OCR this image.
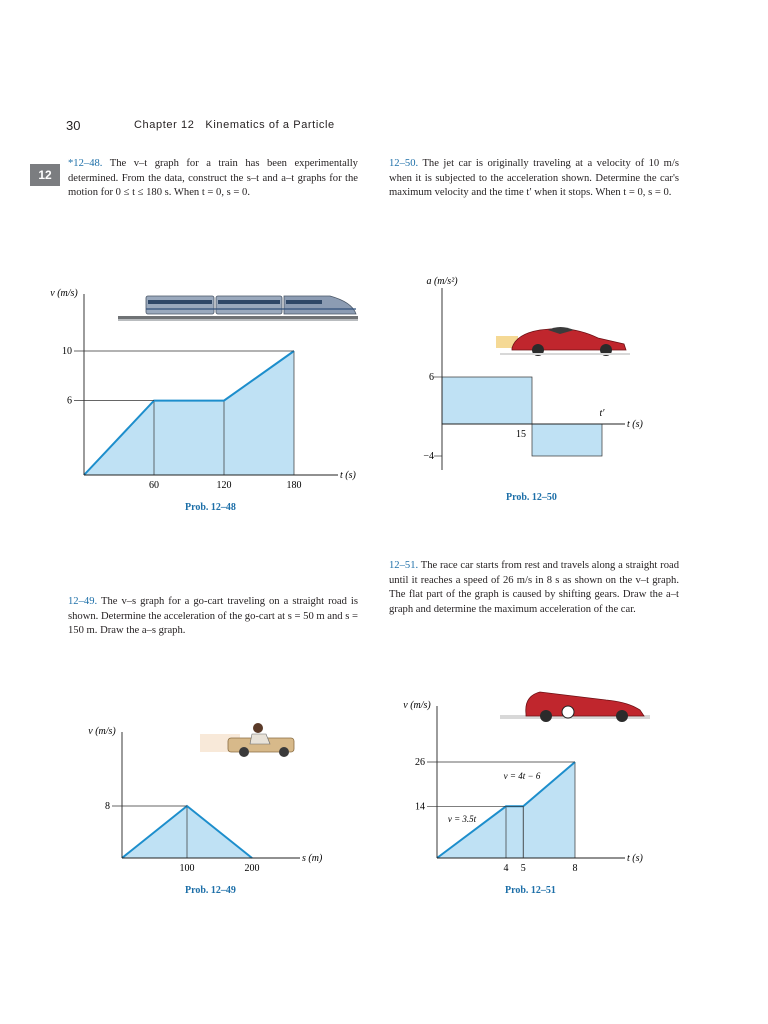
30	Chapter 12 Kinematics of a Particle
12
*12–48. The v–t graph for a train has been experimentally determined. From the data, construct the s–t and a–t graphs for the motion for 0 ≤ t ≤ 180 s. When t = 0, s = 0.
12–50. The jet car is originally traveling at a velocity of 10 m/s when it is subjected to the acceleration shown. Determine the car's maximum velocity and the time t′ when it stops. When t = 0, s = 0.
12–49. The v–s graph for a go-cart traveling on a straight road is shown. Determine the acceleration of the go-cart at s = 50 m and s = 150 m. Draw the a–s graph.
12–51. The race car starts from rest and travels along a straight road until it reaches a speed of 26 m/s in 8 s as shown on the v–t graph. The flat part of the graph is caused by shifting gears. Draw the a–t graph and determine the maximum acceleration of the car.
Prob. 12–48
Prob. 12–50
Prob. 12–49	Prob. 12–51
6
10
60	120	180
v (m/s)
t (s)
6
−4
15
t′
a (m/s²)
t (s)
8
100	200
v (m/s)
s (m)
14
26
4 5	8
v (m/s)
t (s)
v = 3.5t
v = 4t − 6
